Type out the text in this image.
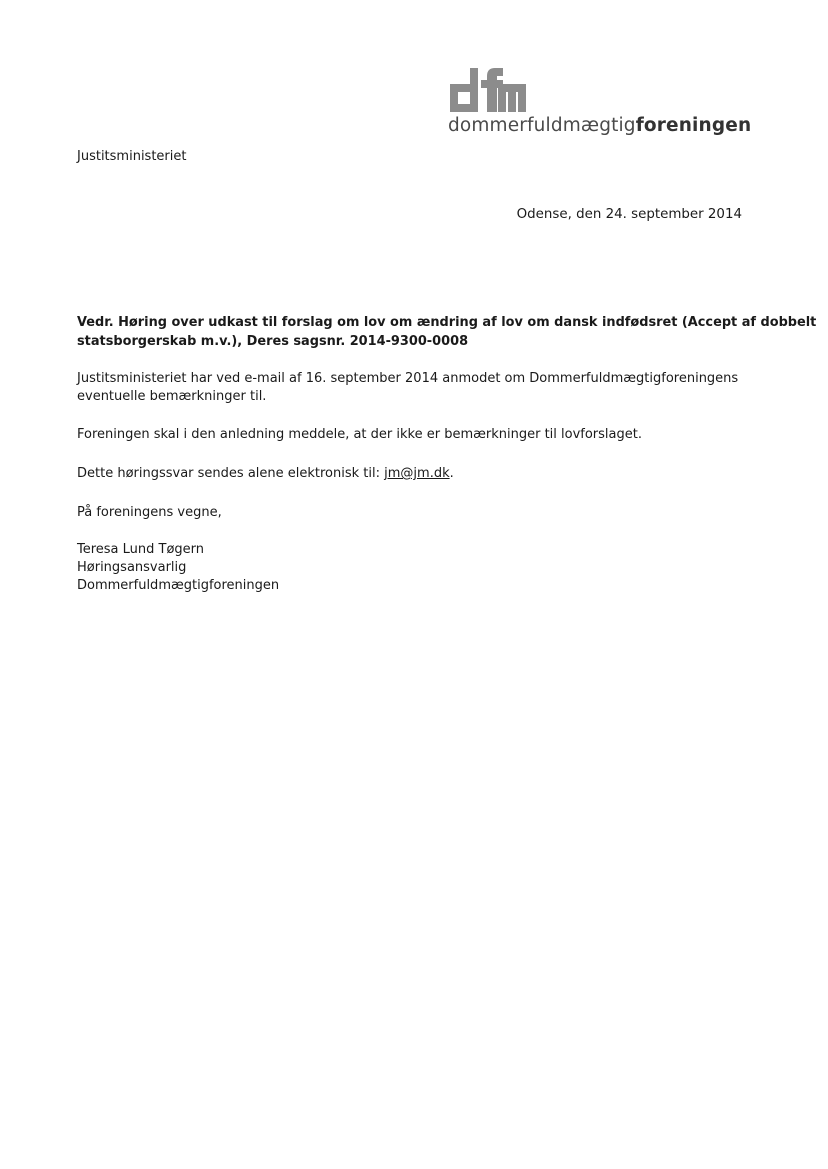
dommerfuldmægtigforeningen
Justitsministeriet
Odense, den 24. september 2014
Vedr. Høring over udkast til forslag om lov om ændring af lov om dansk indfødsret (Accept af dobbelt
statsborgerskab m.v.), Deres sagsnr. 2014-9300-0008
Justitsministeriet har ved e-mail af 16. september 2014 anmodet om Dommerfuldmægtigforeningens
eventuelle bemærkninger til.
Foreningen skal i den anledning meddele, at der ikke er bemærkninger til lovforslaget.
Dette høringssvar sendes alene elektronisk til: jm@jm.dk.
På foreningens vegne,
Teresa Lund Tøgern
Høringsansvarlig
Dommerfuldmægtigforeningen
